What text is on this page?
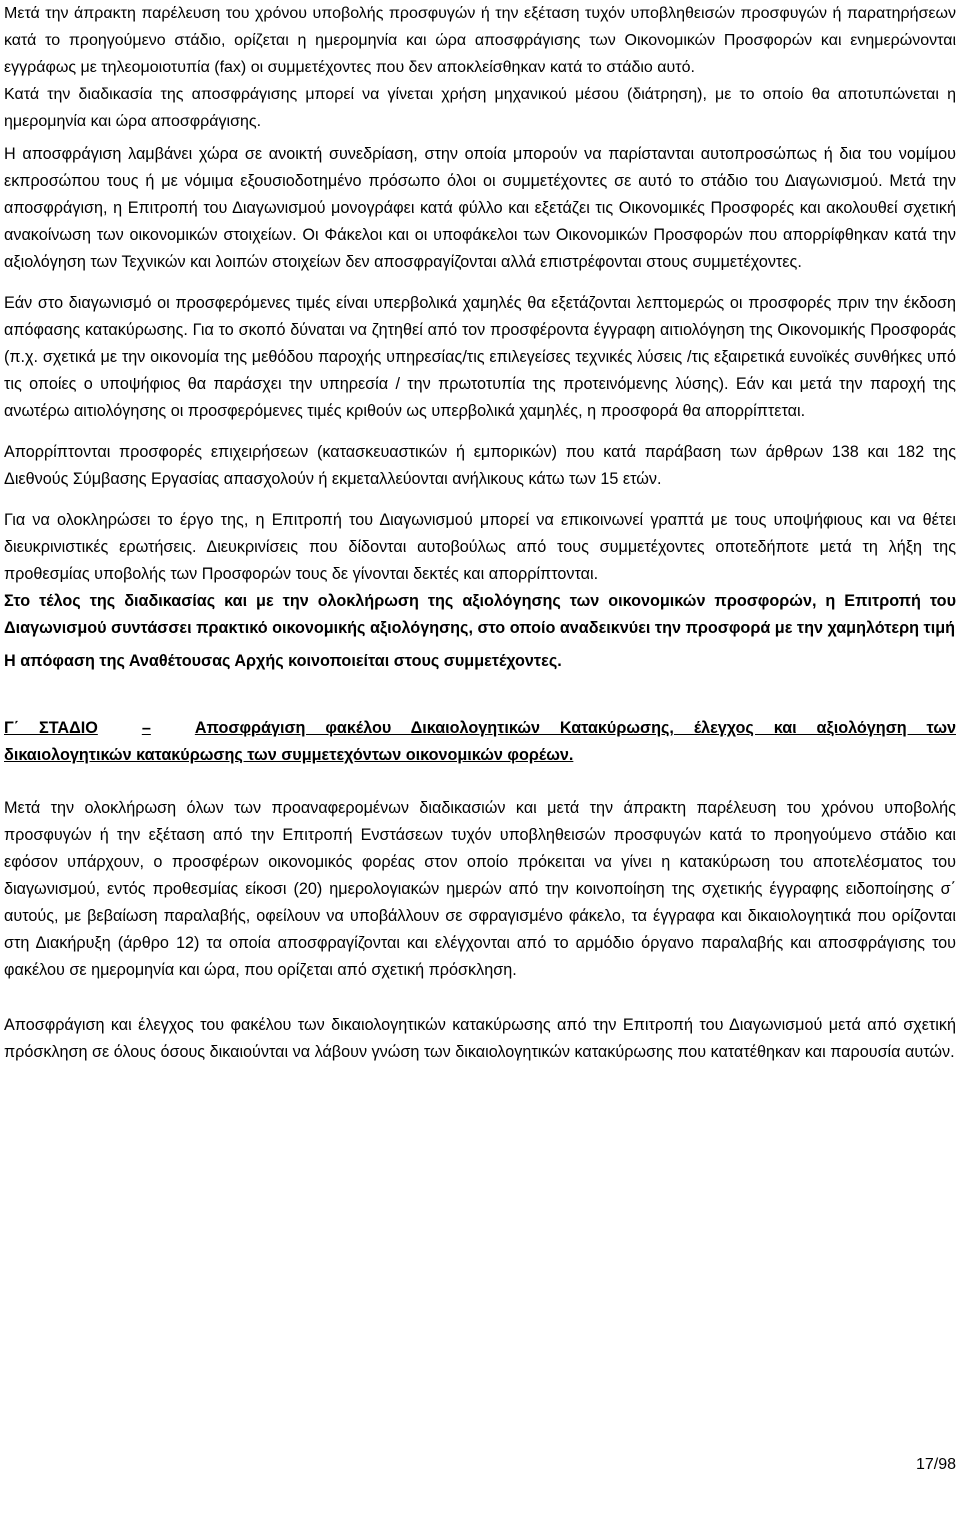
Μετά την άπρακτη παρέλευση του χρόνου υποβολής προσφυγών ή την εξέταση τυχόν υποβληθεισών προσφυγών ή παρατηρήσεων κατά το προηγούμενο στάδιο, ορίζεται η ημερομηνία και ώρα αποσφράγισης των Οικονομικών Προσφορών και ενημερώνονται εγγράφως με τηλεομοιοτυπία (fax) οι συμμετέχοντες που δεν αποκλείσθηκαν κατά το στάδιο αυτό.

Κατά την διαδικασία της αποσφράγισης μπορεί να γίνεται χρήση μηχανικού μέσου (διάτρηση), με το οποίο θα αποτυπώνεται η ημερομηνία και ώρα αποσφράγισης.

Η αποσφράγιση λαμβάνει χώρα σε ανοικτή συνεδρίαση, στην οποία μπορούν να παρίστανται αυτοπροσώπως ή δια του νομίμου εκπροσώπου τους ή με νόμιμα εξουσιοδοτημένο πρόσωπο όλοι οι συμμετέχοντες σε αυτό το στάδιο του Διαγωνισμού. Μετά την αποσφράγιση, η Επιτροπή του Διαγωνισμού μονογράφει κατά φύλλο και εξετάζει τις Οικονομικές Προσφορές και ακολουθεί σχετική ανακοίνωση των οικονομικών στοιχείων. Οι Φάκελοι και οι υποφάκελοι των Οικονομικών Προσφορών που απορρίφθηκαν κατά την αξιολόγηση των Τεχνικών και λοιπών στοιχείων δεν αποσφραγίζονται αλλά επιστρέφονται στους συμμετέχοντες.

Εάν στο διαγωνισμό οι προσφερόμενες τιμές είναι υπερβολικά χαμηλές θα εξετάζονται λεπτομερώς οι προσφορές πριν την έκδοση απόφασης κατακύρωσης. Για το σκοπό δύναται να ζητηθεί από τον προσφέροντα έγγραφη αιτιολόγηση της Οικονομικής Προσφοράς (π.χ. σχετικά με την οικονομία της μεθόδου παροχής υπηρεσίας/τις επιλεγείσες τεχνικές λύσεις /τις εξαιρετικά ευνοϊκές συνθήκες υπό τις οποίες ο υποψήφιος θα παράσχει την υπηρεσία / την πρωτοτυπία της προτεινόμενης λύσης). Εάν και μετά την παροχή της ανωτέρω αιτιολόγησης οι προσφερόμενες τιμές κριθούν ως υπερβολικά χαμηλές, η προσφορά θα απορρίπτεται.

Απορρίπτονται προσφορές επιχειρήσεων (κατασκευαστικών ή εμπορικών) που κατά παράβαση των άρθρων 138 και 182 της Διεθνούς Σύμβασης Εργασίας απασχολούν ή εκμεταλλεύονται ανήλικους κάτω των 15 ετών.

Για να ολοκληρώσει το έργο της, η Επιτροπή του Διαγωνισμού μπορεί να επικοινωνεί γραπτά με τους υποψήφιους και να θέτει διευκρινιστικές ερωτήσεις. Διευκρινίσεις που δίδονται αυτοβούλως από τους συμμετέχοντες οποτεδήποτε μετά τη λήξη της προθεσμίας υποβολής των Προσφορών τους δε γίνονται δεκτές και απορρίπτονται.

Στο τέλος της διαδικασίας και με την ολοκλήρωση της αξιολόγησης των οικονομικών προσφορών, η Επιτροπή του Διαγωνισμού συντάσσει πρακτικό οικονομικής αξιολόγησης, στο οποίο αναδεικνύει την προσφορά με την χαμηλότερη τιμή

Η απόφαση της Αναθέτουσας Αρχής κοινοποιείται στους συμμετέχοντες.

Γ΄ ΣΤΑΔΙΟ	–	Αποσφράγιση φακέλου Δικαιολογητικών Κατακύρωσης, έλεγχος και αξιολόγηση των δικαιολογητικών κατακύρωσης των συμμετεχόντων οικονομικών φορέων.

Μετά την ολοκλήρωση όλων των προαναφερομένων διαδικασιών και μετά την άπρακτη παρέλευση του χρόνου υποβολής προσφυγών ή την εξέταση από την Επιτροπή Ενστάσεων τυχόν υποβληθεισών προσφυγών κατά το προηγούμενο στάδιο και εφόσον υπάρχουν, ο προσφέρων οικονομικός φορέας στον οποίο πρόκειται να γίνει η κατακύρωση του αποτελέσματος του διαγωνισμού, εντός προθεσμίας είκοσι (20) ημερολογιακών ημερών από την κοινοποίηση της σχετικής έγγραφης ειδοποίησης σ΄ αυτούς, με βεβαίωση παραλαβής, οφείλουν να υποβάλλουν σε σφραγισμένο φάκελο, τα έγγραφα και δικαιολογητικά που ορίζονται στη Διακήρυξη (άρθρο 12) τα οποία αποσφραγίζονται και ελέγχονται από το αρμόδιο όργανο παραλαβής και αποσφράγισης του φακέλου σε ημερομηνία και ώρα, που ορίζεται από σχετική πρόσκληση.

Αποσφράγιση και έλεγχος του φακέλου των δικαιολογητικών κατακύρωσης από την Επιτροπή του Διαγωνισμού μετά από σχετική πρόσκληση σε όλους όσους δικαιούνται να λάβουν γνώση των δικαιολογητικών κατακύρωσης που κατατέθηκαν και παρουσία αυτών.

17/98
